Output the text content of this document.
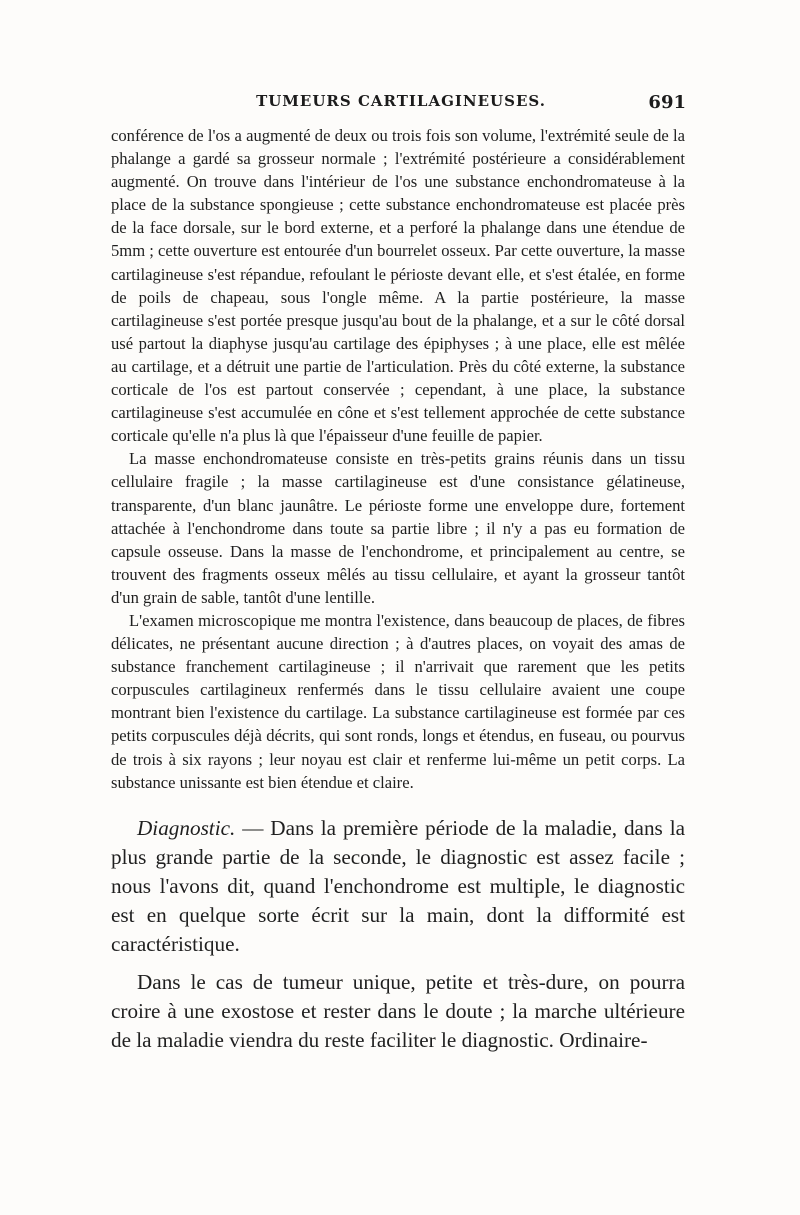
TUMEURS CARTILAGINEUSES.	691

conférence de l'os a augmenté de deux ou trois fois son volume, l'extrémité seule de la phalange a gardé sa grosseur normale ; l'extrémité postérieure a considérablement augmenté. On trouve dans l'intérieur de l'os une substance enchondromateuse à la place de la substance spongieuse ; cette substance enchondromateuse est placée près de la face dorsale, sur le bord externe, et a perforé la phalange dans une étendue de 5mm ; cette ouverture est entourée d'un bourrelet osseux. Par cette ouverture, la masse cartilagineuse s'est répandue, refoulant le périoste devant elle, et s'est étalée, en forme de poils de chapeau, sous l'ongle même. A la partie postérieure, la masse cartilagineuse s'est portée presque jusqu'au bout de la phalange, et a sur le côté dorsal usé partout la diaphyse jusqu'au cartilage des épiphyses ; à une place, elle est mêlée au cartilage, et a détruit une partie de l'articulation. Près du côté externe, la substance corticale de l'os est partout conservée ; cependant, à une place, la substance cartilagineuse s'est accumulée en cône et s'est tellement approchée de cette substance corticale qu'elle n'a plus là que l'épaisseur d'une feuille de papier.

La masse enchondromateuse consiste en très-petits grains réunis dans un tissu cellulaire fragile ; la masse cartilagineuse est d'une consistance gélatineuse, transparente, d'un blanc jaunâtre. Le périoste forme une enveloppe dure, fortement attachée à l'enchondrome dans toute sa partie libre ; il n'y a pas eu formation de capsule osseuse. Dans la masse de l'enchondrome, et principalement au centre, se trouvent des fragments osseux mêlés au tissu cellulaire, et ayant la grosseur tantôt d'un grain de sable, tantôt d'une lentille.

L'examen microscopique me montra l'existence, dans beaucoup de places, de fibres délicates, ne présentant aucune direction ; à d'autres places, on voyait des amas de substance franchement cartilagineuse ; il n'arrivait que rarement que les petits corpuscules cartilagineux renfermés dans le tissu cellulaire avaient une coupe montrant bien l'existence du cartilage. La substance cartilagineuse est formée par ces petits corpuscules déjà décrits, qui sont ronds, longs et étendus, en fuseau, ou pourvus de trois à six rayons ; leur noyau est clair et renferme lui-même un petit corps. La substance unissante est bien étendue et claire.

Diagnostic. — Dans la première période de la maladie, dans la plus grande partie de la seconde, le diagnostic est assez facile ; nous l'avons dit, quand l'enchondrome est multiple, le diagnostic est en quelque sorte écrit sur la main, dont la difformité est caractéristique.

Dans le cas de tumeur unique, petite et très-dure, on pourra croire à une exostose et rester dans le doute ; la marche ultérieure de la maladie viendra du reste faciliter le diagnostic. Ordinaire-
